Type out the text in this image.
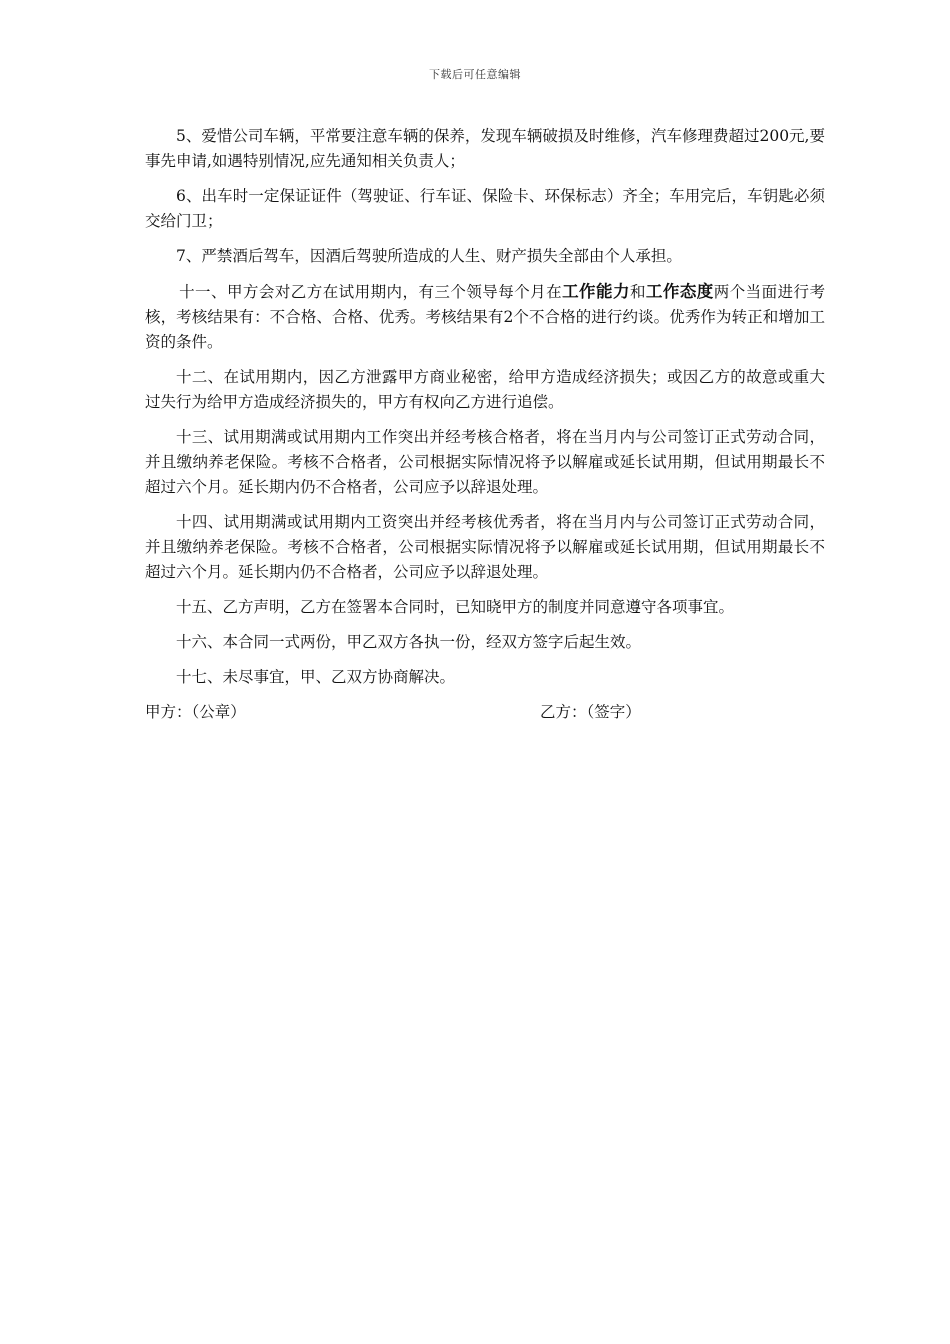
下载后可任意编辑

5、爱惜公司车辆，平常要注意车辆的保养，发现车辆破损及时维修，汽车修理费超过200元,要事先申请,如遇特别情况,应先通知相关负责人；

6、出车时一定保证证件（驾驶证、行车证、保险卡、环保标志）齐全；车用完后，车钥匙必须交给门卫；

7、严禁酒后驾车，因酒后驾驶所造成的人生、财产损失全部由个人承担。

十一、甲方会对乙方在试用期内，有三个领导每个月在工作能力和工作态度两个当面进行考核，考核结果有：不合格、合格、优秀。考核结果有2个不合格的进行约谈。优秀作为转正和增加工资的条件。

十二、在试用期内，因乙方泄露甲方商业秘密，给甲方造成经济损失；或因乙方的故意或重大过失行为给甲方造成经济损失的，甲方有权向乙方进行追偿。

十三、试用期满或试用期内工作突出并经考核合格者，将在当月内与公司签订正式劳动合同，并且缴纳养老保险。考核不合格者，公司根据实际情况将予以解雇或延长试用期，但试用期最长不超过六个月。延长期内仍不合格者，公司应予以辞退处理。

十四、试用期满或试用期内工资突出并经考核优秀者，将在当月内与公司签订正式劳动合同，并且缴纳养老保险。考核不合格者，公司根据实际情况将予以解雇或延长试用期，但试用期最长不超过六个月。延长期内仍不合格者，公司应予以辞退处理。

十五、乙方声明，乙方在签署本合同时，已知晓甲方的制度并同意遵守各项事宜。

十六、本合同一式两份，甲乙双方各执一份，经双方签字后起生效。

十七、未尽事宜，甲、乙双方协商解决。

甲方：（公章）	乙方：（签字）
